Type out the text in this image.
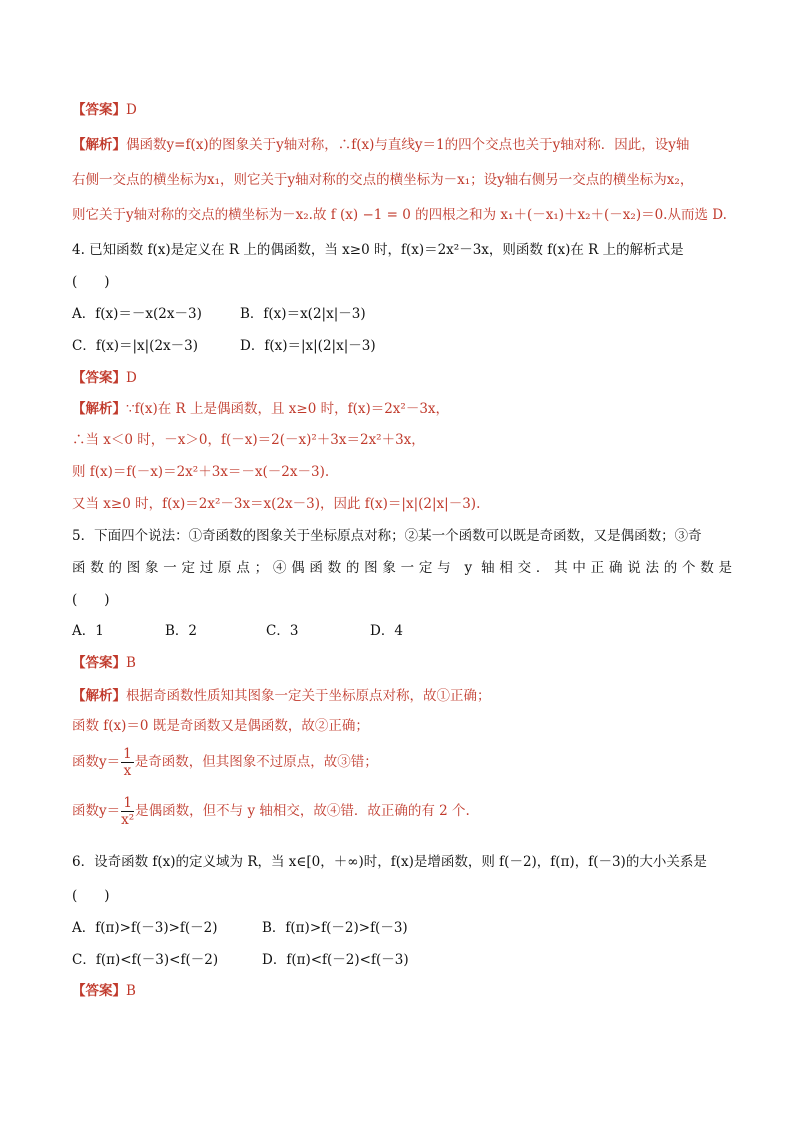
【答案】D
【解析】偶函数y=f(x)的图象关于y轴对称，∴f(x)与直线y＝1的四个交点也关于y轴对称．因此，设y轴
右侧一交点的横坐标为x₁，则它关于y轴对称的交点的横坐标为－x₁；设y轴右侧另一交点的横坐标为x₂，
则它关于y轴对称的交点的横坐标为－x₂.故 f (x) −1 = 0 的四根之和为 x₁＋(－x₁)＋x₂＋(－x₂)＝0.从而选 D.
4. 已知函数 f(x)是定义在 R 上的偶函数，当 x≥0 时，f(x)＝2x²－3x，则函数 f(x)在 R 上的解析式是
(　　)
A．f(x)＝－x(2x－3)	B．f(x)＝x(2|x|－3)
C．f(x)＝|x|(2x－3)	D．f(x)＝|x|(2|x|－3)
【答案】D
【解析】∵f(x)在 R 上是偶函数，且 x≥0 时，f(x)＝2x²－3x，
∴当 x＜0 时，－x＞0，f(－x)＝2(－x)²＋3x＝2x²＋3x，
则 f(x)＝f(－x)＝2x²＋3x＝－x(－2x－3).
又当 x≥0 时，f(x)＝2x²－3x＝x(2x－3)，因此 f(x)＝|x|(2|x|－3).
5．下面四个说法：①奇函数的图象关于坐标原点对称；②某一个函数可以既是奇函数，又是偶函数；③奇
函数的图象一定过原点；④偶函数的图象一定与 y 轴相交．其中正确说法的个数是
(　　)
A．1	B．2	C．3	D．4
【答案】B
【解析】根据奇函数性质知其图象一定关于坐标原点对称，故①正确；
函数 f(x)＝0 既是奇函数又是偶函数，故②正确；
函数$y= \frac{1}{x}$ 是奇函数，但其图象不过原点，故③错；
函数$y= \frac{1}{\text{x²}}$ 是偶函数，但不与 y 轴相交，故④错．故正确的有 2 个.
6．设奇函数 f(x)的定义域为 R，当 x∈[0，＋∞)时，f(x)是增函数，则 f(－2)，f(π)，f(－3)的大小关系是
(　　)
A．f(π)>f(－3)>f(－2)	B．f(π)>f(－2)>f(－3)
C．f(π)<f(－3)<f(－2)	D．f(π)<f(－2)<f(－3)
【答案】B
